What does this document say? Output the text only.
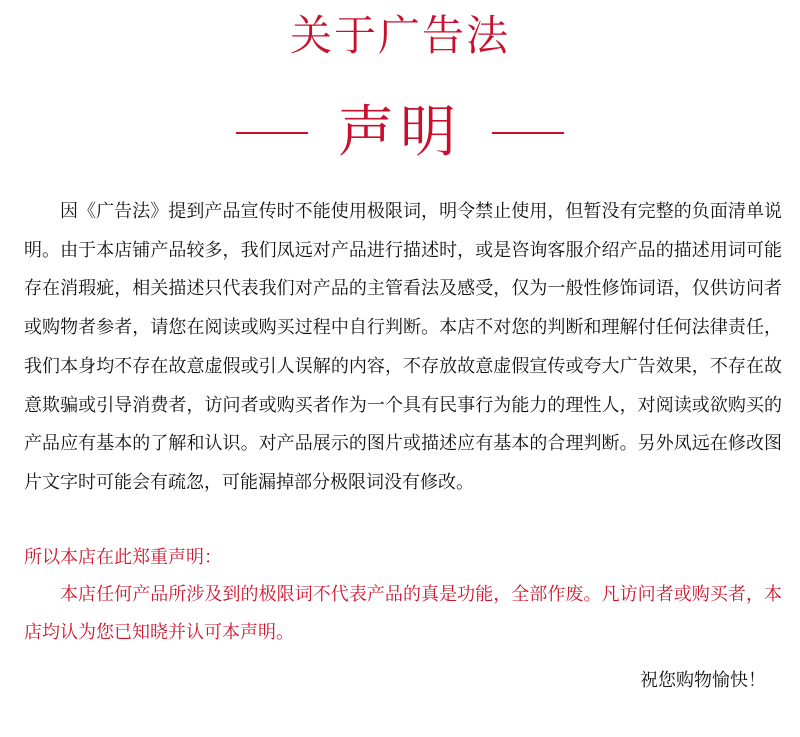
关于广告法
声明

因《广告法》提到产品宣传时不能使用极限词，明令禁止使用，但暂没有完整的负面清单说明。由于本店铺产品较多，我们凤远对产品进行描述时，或是咨询客服介绍产品的描述用词可能存在消瑕疵，相关描述只代表我们对产品的主管看法及感受，仅为一般性修饰词语，仅供访问者或购物者参者，请您在阅读或购买过程中自行判断。本店不对您的判断和理解付任何法律责任，我们本身均不存在故意虚假或引人误解的内容，不存放故意虚假宣传或夸大广告效果，不存在故意欺骗或引导消费者，访问者或购买者作为一个具有民事行为能力的理性人，对阅读或欲购买的产品应有基本的了解和认识。对产品展示的图片或描述应有基本的合理判断。另外凤远在修改图片文字时可能会有疏忽，可能漏掉部分极限词没有修改。

所以本店在此郑重声明：

本店任何产品所涉及到的极限词不代表产品的真是功能，全部作废。凡访问者或购买者，本店均认为您已知晓并认可本声明。

祝您购物愉快！
